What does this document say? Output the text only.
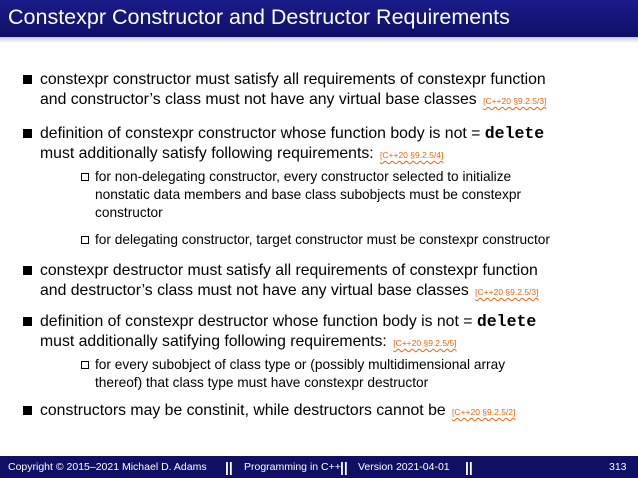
Constexpr Constructor and Destructor Requirements
constexpr constructor must satisfy all requirements of constexpr function
and constructor’s class must not have any virtual base classes [C++20 §9.2.5/3]
definition of constexpr constructor whose function body is not = delete
must additionally satisfy following requirements: [C++20 §9.2.5/4]
for non-delegating constructor, every constructor selected to initialize
nonstatic data members and base class subobjects must be constexpr
constructor
for delegating constructor, target constructor must be constexpr constructor
constexpr destructor must satisfy all requirements of constexpr function
and destructor’s class must not have any virtual base classes [C++20 §9.2.5/3]
definition of constexpr destructor whose function body is not = delete
must additionally satifying following requirements: [C++20 §9.2.5/5]
for every subobject of class type or (possibly multidimensional array
thereof) that class type must have constexpr destructor
constructors may be constinit, while destructors cannot be [C++20 §9.2.5/2]
Copyright © 2015–2021 Michael D. Adams || Programming in C++ || Version 2021-04-01 ||	313
